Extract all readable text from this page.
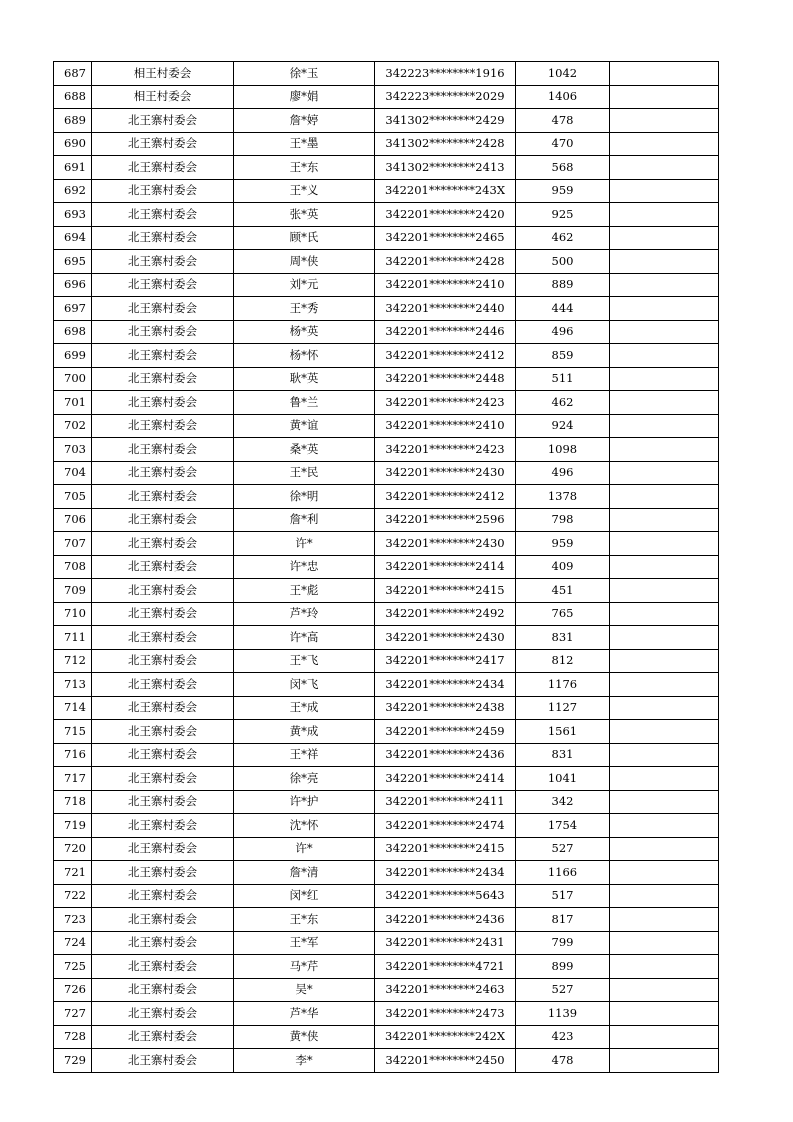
687	相王村委会	徐*玉	342223********1916	1042	
688	相王村委会	廖*娟	342223********2029	1406	
689	北王寨村委会	詹*婷	341302********2429	478	
690	北王寨村委会	王*墨	341302********2428	470	
691	北王寨村委会	王*东	341302********2413	568	
692	北王寨村委会	王*义	342201********243X	959	
693	北王寨村委会	张*英	342201********2420	925	
694	北王寨村委会	顾*氏	342201********2465	462	
695	北王寨村委会	周*侠	342201********2428	500	
696	北王寨村委会	刘*元	342201********2410	889	
697	北王寨村委会	王*秀	342201********2440	444	
698	北王寨村委会	杨*英	342201********2446	496	
699	北王寨村委会	杨*怀	342201********2412	859	
700	北王寨村委会	耿*英	342201********2448	511	
701	北王寨村委会	鲁*兰	342201********2423	462	
702	北王寨村委会	黄*谊	342201********2410	924	
703	北王寨村委会	桑*英	342201********2423	1098	
704	北王寨村委会	王*民	342201********2430	496	
705	北王寨村委会	徐*明	342201********2412	1378	
706	北王寨村委会	詹*利	342201********2596	798	
707	北王寨村委会	许*	342201********2430	959	
708	北王寨村委会	许*忠	342201********2414	409	
709	北王寨村委会	王*彪	342201********2415	451	
710	北王寨村委会	芦*玲	342201********2492	765	
711	北王寨村委会	许*高	342201********2430	831	
712	北王寨村委会	王*飞	342201********2417	812	
713	北王寨村委会	闵*飞	342201********2434	1176	
714	北王寨村委会	王*成	342201********2438	1127	
715	北王寨村委会	黄*成	342201********2459	1561	
716	北王寨村委会	王*祥	342201********2436	831	
717	北王寨村委会	徐*亮	342201********2414	1041	
718	北王寨村委会	许*护	342201********2411	342	
719	北王寨村委会	沈*怀	342201********2474	1754	
720	北王寨村委会	许*	342201********2415	527	
721	北王寨村委会	詹*清	342201********2434	1166	
722	北王寨村委会	闵*红	342201********5643	517	
723	北王寨村委会	王*东	342201********2436	817	
724	北王寨村委会	王*军	342201********2431	799	
725	北王寨村委会	马*芹	342201********4721	899	
726	北王寨村委会	吴*	342201********2463	527	
727	北王寨村委会	芦*华	342201********2473	1139	
728	北王寨村委会	黄*侠	342201********242X	423	
729	北王寨村委会	李*	342201********2450	478	
